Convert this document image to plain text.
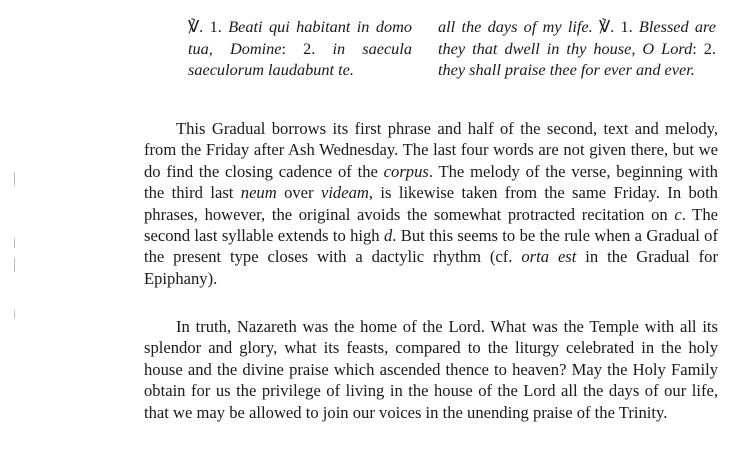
℣. 1. Beati qui habitant in domo tua, Domine: 2. in saecula saeculorum laudabunt te.

all the days of my life. ℣. 1. Blessed are they that dwell in thy house, O Lord: 2. they shall praise thee for ever and ever.

This Gradual borrows its first phrase and half of the second, text and melody, from the Friday after Ash Wednesday. The last four words are not given there, but we do find the closing cadence of the corpus. The melody of the verse, beginning with the third last neum over videam, is likewise taken from the same Friday. In both phrases, however, the original avoids the somewhat protracted recitation on c. The second last syllable extends to high d. But this seems to be the rule when a Gradual of the present type closes with a dactylic rhythm (cf. orta est in the Gradual for Epiphany).

In truth, Nazareth was the home of the Lord. What was the Temple with all its splendor and glory, what its feasts, compared to the liturgy celebrated in the holy house and the divine praise which ascended thence to heaven? May the Holy Family obtain for us the privilege of living in the house of the Lord all the days of our life, that we may be allowed to join our voices in the unending praise of the Trinity.
